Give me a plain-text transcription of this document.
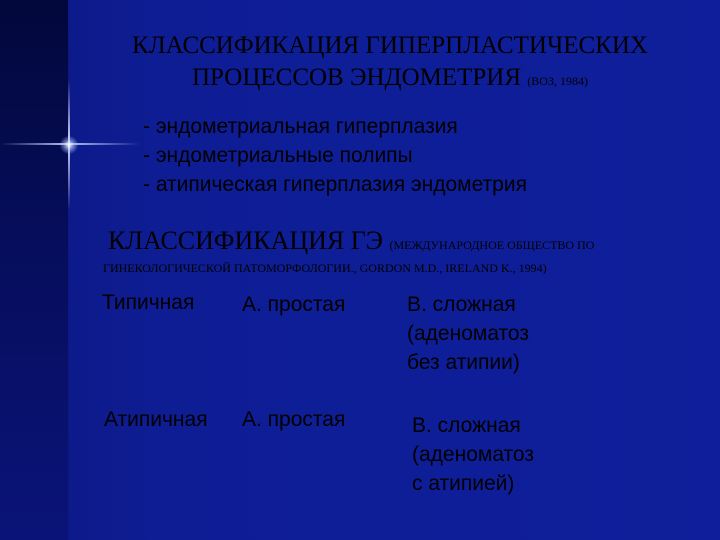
КЛАССИФИКАЦИЯ ГИПЕРПЛАСТИЧЕСКИХ
ПРОЦЕССОВ ЭНДОМЕТРИЯ (ВОЗ, 1984)
- эндометриальная гиперплазия
- эндометриальные полипы
- атипическая гиперплазия эндометрия
КЛАССИФИКАЦИЯ ГЭ (МЕЖДУНАРОДНОЕ ОБЩЕСТВО ПО
ГИНЕКОЛОГИЧЕСКОЙ ПАТОМОРФОЛОГИИ., GORDON M.D., IRELAND K., 1994)
Типичная А. простая	В. сложная
(аденоматоз
без атипии)
Атипичная А. простая	В. сложная
(аденоматоз
с атипией)
